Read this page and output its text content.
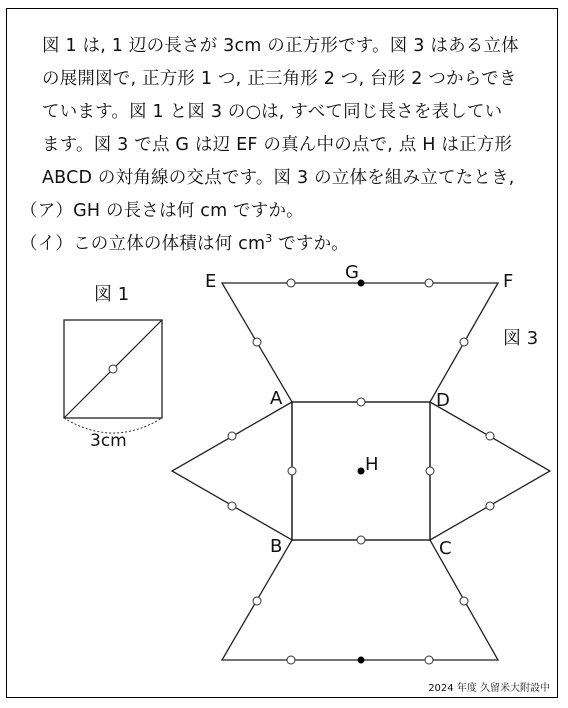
図 1 は, 1 辺の長さが 3cm の正方形です。図 3 はある立体
の展開図で, 正方形 1 つ, 正三角形 2 つ, 台形 2 つからでき
ています。図 1 と図 3 の○は, すべて同じ長さを表してい
ます。図 3 で点 G は辺 EF の真ん中の点で, 点 H は正方形
ABCD の対角線の交点です。図 3 の立体を組み立てたとき,
（ア）GH の長さは何 cm ですか。
（イ）この立体の体積は何 $cm^3$ ですか。
図 1
3cm
図 3
E	F
G
A	D
H
B	C
2024 年度 久留米大附設中
